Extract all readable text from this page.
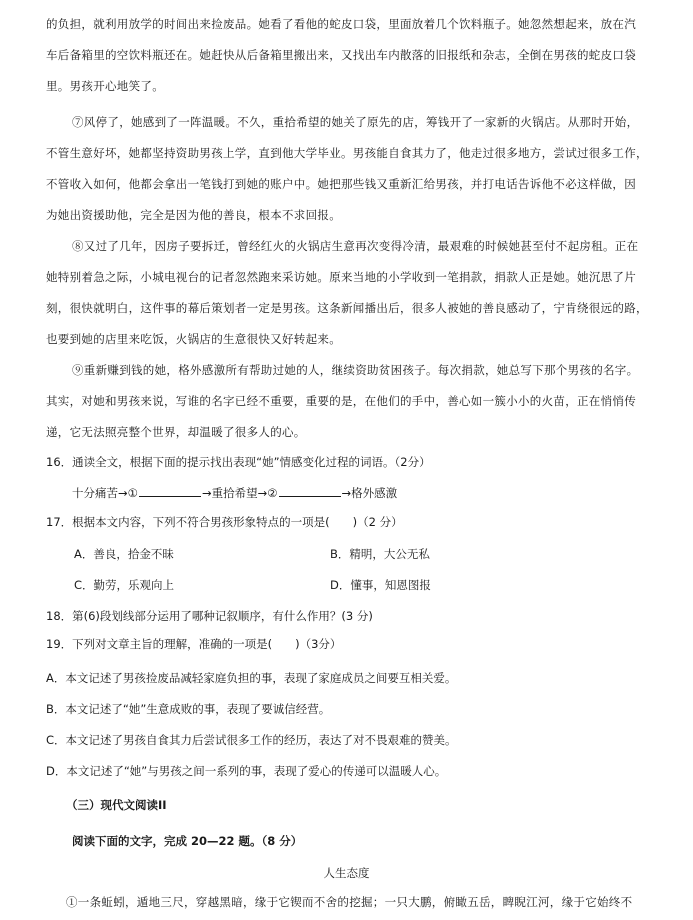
的负担，就利用放学的时间出来捡废品。她看了看他的蛇皮口袋，里面放着几个饮料瓶子。她忽然想起来，放在汽
车后备箱里的空饮料瓶还在。她赶快从后备箱里搬出来，又找出车内散落的旧报纸和杂志，全倒在男孩的蛇皮口袋
里。男孩开心地笑了。
⑦风停了，她感到了一阵温暖。不久，重拾希望的她关了原先的店，筹钱开了一家新的火锅店。从那时开始，
不管生意好坏，她都坚持资助男孩上学，直到他大学毕业。男孩能自食其力了，他走过很多地方，尝试过很多工作，
不管收入如何，他都会拿出一笔钱打到她的账户中。她把那些钱又重新汇给男孩，并打电话告诉他不必这样做，因
为她出资援助他，完全是因为他的善良，根本不求回报。
⑧又过了几年，因房子要拆迁，曾经红火的火锅店生意再次变得冷清，最艰难的时候她甚至付不起房租。正在
她特别着急之际，小城电视台的记者忽然跑来采访她。原来当地的小学收到一笔捐款，捐款人正是她。她沉思了片
刻，很快就明白，这件事的幕后策划者一定是男孩。这条新闻播出后，很多人被她的善良感动了，宁肯绕很远的路，
也要到她的店里来吃饭，火锅店的生意很快又好转起来。
⑨重新赚到钱的她，格外感激所有帮助过她的人，继续资助贫困孩子。每次捐款，她总写下那个男孩的名字。
其实，对她和男孩来说，写谁的名字已经不重要，重要的是，在他们的手中，善心如一簇小小的火苗，正在悄悄传
递，它无法照亮整个世界，却温暖了很多人的心。
16．通读全文，根据下面的提示找出表现“她”情感变化过程的词语。（2分）
十分痛苦→①	→重拾希望→②	→格外感激
17．根据本文内容，下列不符合男孩形象特点的一项是(　　)（2 分）
A．善良，拾金不昧	B．精明，大公无私
C．勤劳，乐观向上	D．懂事，知恩图报
18．第(6)段划线部分运用了哪种记叙顺序，有什么作用？(3 分)
19．下列对文章主旨的理解，准确的一项是(　　)（3分）
A．本文记述了男孩捡废品减轻家庭负担的事，表现了家庭成员之间要互相关爱。
B．本文记述了“她”生意成败的事，表现了要诚信经营。
C．本文记述了男孩自食其力后尝试很多工作的经历，表达了对不畏艰难的赞美。
D．本文记述了“她”与男孩之间一系列的事，表现了爱心的传递可以温暖人心。
（三）现代文阅读II
阅读下面的文字，完成 20—22 题。（8 分）
人生态度
①一条蚯蚓，遁地三尺，穿越黑暗，缘于它锲而不舍的挖掘；一只大鹏，俯瞰五岳，睥睨江河，缘于它始终不
